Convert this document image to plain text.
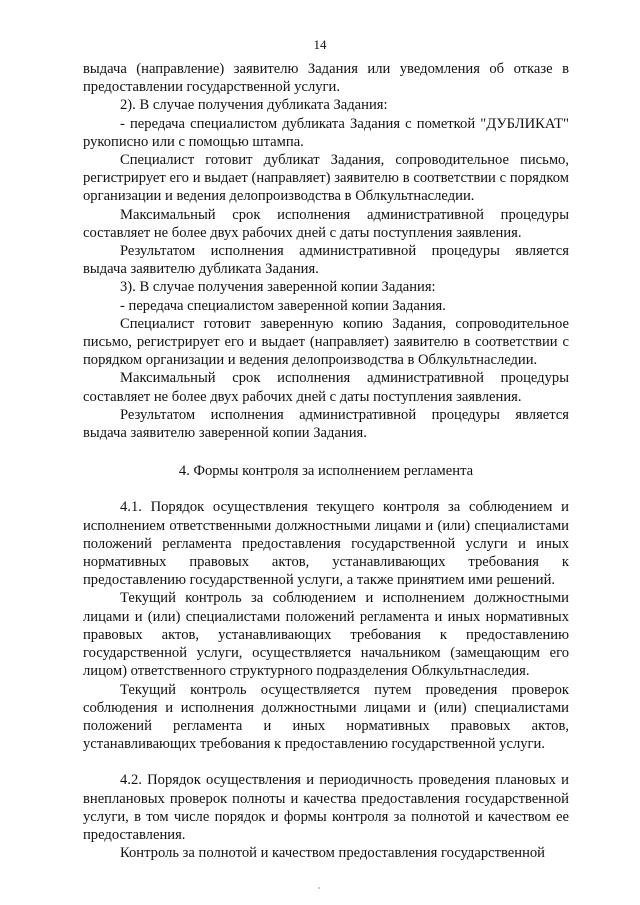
14

выдача (направление) заявителю Задания или уведомления об отказе в предоставлении государственной услуги.

2). В случае получения дубликата Задания:

- передача специалистом дубликата Задания с пометкой "ДУБЛИКАТ" рукописно или с помощью штампа.

Специалист готовит дубликат Задания, сопроводительное письмо, регистрирует его и выдает (направляет) заявителю в соответствии с порядком организации и ведения делопроизводства в Облкультнаследии.

Максимальный срок исполнения административной процедуры составляет не более двух рабочих дней с даты поступления заявления.

Результатом исполнения административной процедуры является выдача заявителю дубликата Задания.

3). В случае получения заверенной копии Задания:

- передача специалистом заверенной копии Задания.

Специалист готовит заверенную копию Задания, сопроводительное письмо, регистрирует его и выдает (направляет) заявителю в соответствии с порядком организации и ведения делопроизводства в Облкультнаследии.

Максимальный срок исполнения административной процедуры составляет не более двух рабочих дней с даты поступления заявления.

Результатом исполнения административной процедуры является выдача заявителю заверенной копии Задания.

4. Формы контроля за исполнением регламента

4.1. Порядок осуществления текущего контроля за соблюдением и исполнением ответственными должностными лицами и (или) специалистами положений регламента предоставления государственной услуги и иных нормативных правовых актов, устанавливающих требования к предоставлению государственной услуги, а также принятием ими решений.

Текущий контроль за соблюдением и исполнением должностными лицами и (или) специалистами положений регламента и иных нормативных правовых актов, устанавливающих требования к предоставлению государственной услуги, осуществляется начальником (замещающим его лицом) ответственного структурного подразделения Облкультнаследия.

Текущий контроль осуществляется путем проведения проверок соблюдения и исполнения должностными лицами и (или) специалистами положений регламента и иных нормативных правовых актов, устанавливающих требования к предоставлению государственной услуги.

4.2. Порядок осуществления и периодичность проведения плановых и внеплановых проверок полноты и качества предоставления государственной услуги, в том числе порядок и формы контроля за полнотой и качеством ее предоставления.

Контроль за полнотой и качеством предоставления государственной
